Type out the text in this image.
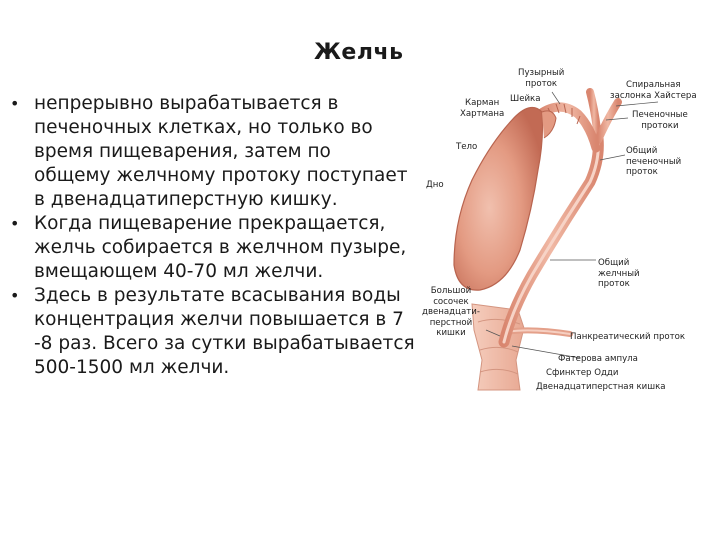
Желчь
• непрерывно вырабатывается в
печеночных клетках, но только во
время пищеварения, затем по
общему желчному протоку поступает
в двенадцатиперстную кишку.
• Когда пищеварение прекращается,
желчь собирается в желчном пузыре,
вмещающем 40-70 мл желчи.
• Здесь в результате всасывания воды
концентрация желчи повышается в 7
-8 раз. Всего за сутки вырабатывается
500-1500 мл желчи.
Пузырный
проток	Спиральная
заслонка Хайстера
Шейка
Карман
Хартмана	Печеночные
протоки
Тело	Общий
печеночный
проток
Дно
Общий
желчный
проток
Большой
сосочек
двенадцати-
перстной
кишки	Панкреатический проток
Фатерова ампула
Сфинктер Одди
Двенадцатиперстная кишка
